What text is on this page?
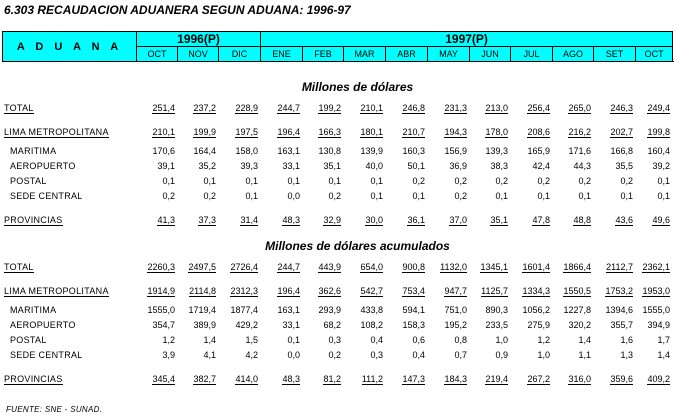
6.303 RECAUDACION ADUANERA SEGUN ADUANA: 1996-97
A D U A N A	1996(P)			1997(P)									
	OCT	NOV	DIC	ENE	FEB	MAR	ABR	MAY	JUN	JUL	AGO	SET	OCT
Millones de dólares
TOTAL	251,4	237,2	228,9	244,7	199,2	210,1	246,8	231,3	213,0	256,4	265,0	246,3	249,4

LIMA METROPOLITANA	210,1	199,9	197,5	196,4	166,3	180,1	210,7	194,3	178,0	208,6	216,2	202,7	199,8

MARITIMA	170,6	164,4	158,0	163,1	130,8	139,9	160,3	156,9	139,3	165,9	171,6	166,8	160,4
AEROPUERTO	39,1	35,2	39,3	33,1	35,1	40,0	50,1	36,9	38,3	42,4	44,3	35,5	39,2
POSTAL	0,1	0,1	0,1	0,1	0,1	0,1	0,2	0,2	0,2	0,2	0,2	0,2	0,1
SEDE CENTRAL	0,2	0,2	0,1	0,0	0,2	0,1	0,1	0,2	0,1	0,1	0,1	0,1	0,1

PROVINCIAS	41,3	37,3	31,4	48,3	32,9	30,0	36,1	37,0	35,1	47,8	48,8	43,6	49,6
Millones de dólares acumulados
TOTAL	2260,3	2497,5	2726,4	244,7	443,9	654,0	900,8	1132,0	1345,1	1601,4	1866,4	2112,7	2362,1

LIMA METROPOLITANA	1914,9	2114,8	2312,3	196,4	362,6	542,7	753,4	947,7	1125,7	1334,3	1550,5	1753,2	1953,0

MARITIMA	1555,0	1719,4	1877,4	163,1	293,9	433,8	594,1	751,0	890,3	1056,2	1227,8	1394,6	1555,0
AEROPUERTO	354,7	389,9	429,2	33,1	68,2	108,2	158,3	195,2	233,5	275,9	320,2	355,7	394,9
POSTAL	1,2	1,4	1,5	0,1	0,3	0,4	0,6	0,8	1,0	1,2	1,4	1,6	1,7
SEDE CENTRAL	3,9	4,1	4,2	0,0	0,2	0,3	0,4	0,7	0,9	1,0	1,1	1,3	1,4

PROVINCIAS	345,4	382,7	414,0	48,3	81,2	111,2	147,3	184,3	219,4	267,2	316,0	359,6	409,2
FUENTE: SNE - SUNAD.
